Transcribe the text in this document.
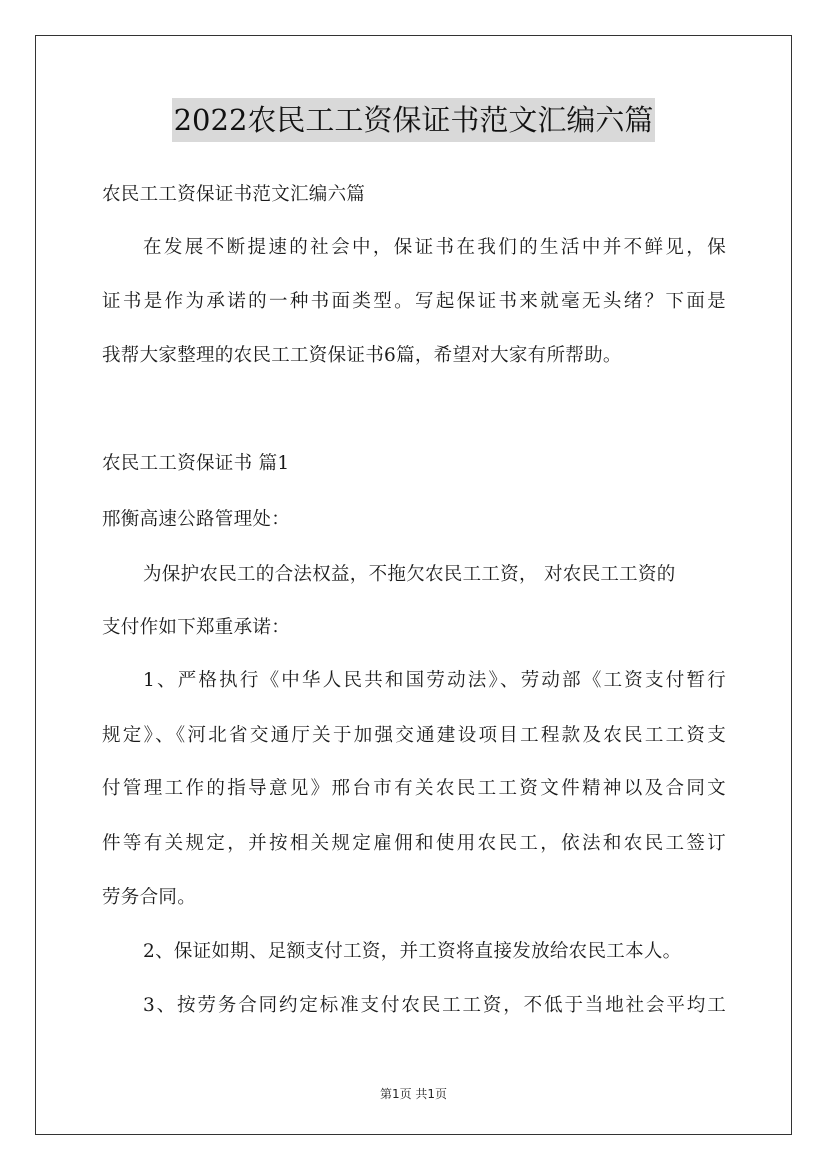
2022农民工工资保证书范文汇编六篇
农民工工资保证书范文汇编六篇
在发展不断提速的社会中，保证书在我们的生活中并不鲜见，保
证书是作为承诺的一种书面类型。写起保证书来就毫无头绪？下面是
我帮大家整理的农民工工资保证书6篇，希望对大家有所帮助。
农民工工资保证书 篇1
邢衡高速公路管理处：
为保护农民工的合法权益，不拖欠农民工工资， 对农民工工资的
支付作如下郑重承诺：
1、严格执行《中华人民共和国劳动法》、劳动部《工资支付暂行
规定》、《河北省交通厅关于加强交通建设项目工程款及农民工工资支
付管理工作的指导意见》邢台市有关农民工工资文件精神以及合同文
件等有关规定，并按相关规定雇佣和使用农民工，依法和农民工签订
劳务合同。
2、保证如期、足额支付工资，并工资将直接发放给农民工本人。
3、按劳务合同约定标准支付农民工工资，不低于当地社会平均工
第1页 共1页
